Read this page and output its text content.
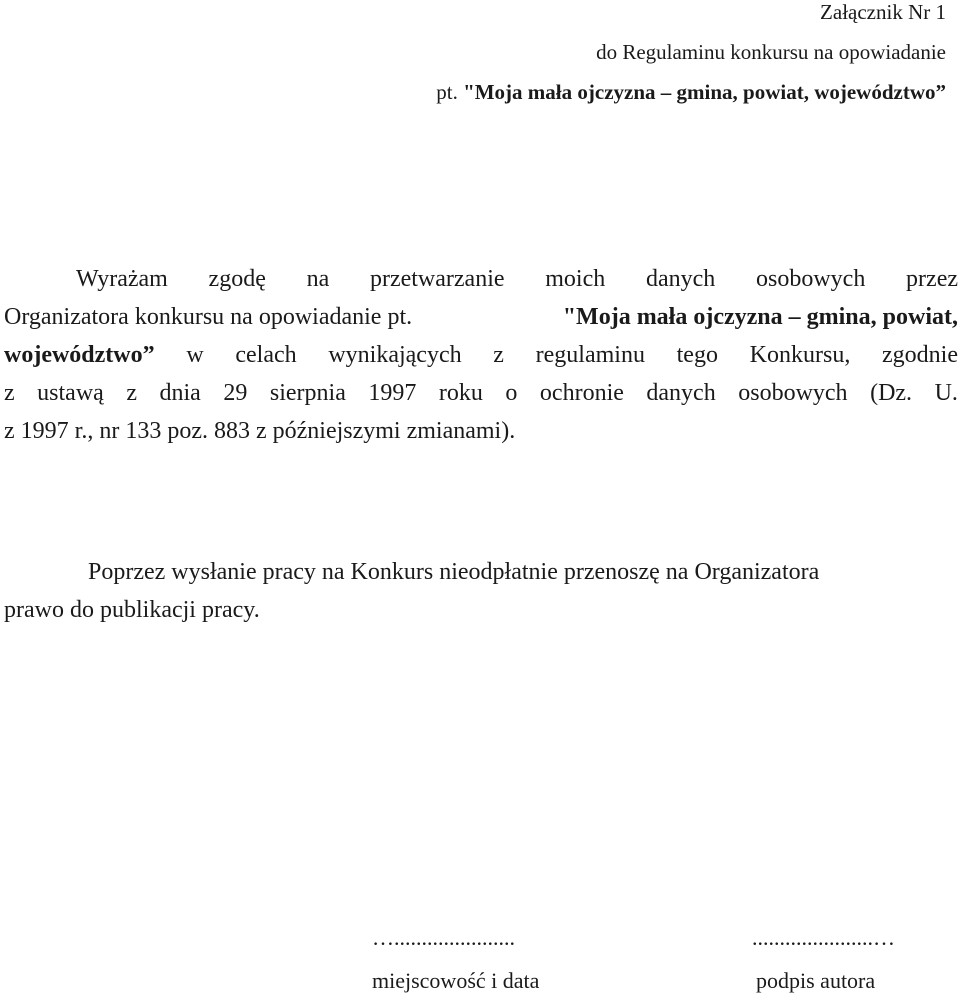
Załącznik Nr 1
do Regulaminu konkursu na opowiadanie
pt. "Moja mała ojczyzna – gmina, powiat, województwo”
Wyrażam zgodę na przetwarzanie moich danych osobowych przez
Organizatora konkursu na opowiadanie pt.	"Moja mała ojczyzna – gmina, powiat,
województwo” w celach wynikających z regulaminu tego Konkursu, zgodnie
z ustawą z dnia 29 sierpnia 1997 roku o ochronie danych osobowych (Dz. U.
z 1997 r., nr 133 poz. 883 z późniejszymi zmianami).
Poprzez wysłanie pracy na Konkurs nieodpłatnie przenoszę na Organizatora
prawo do publikacji pracy.
…......................	......................…
miejscowość i data	podpis autora
